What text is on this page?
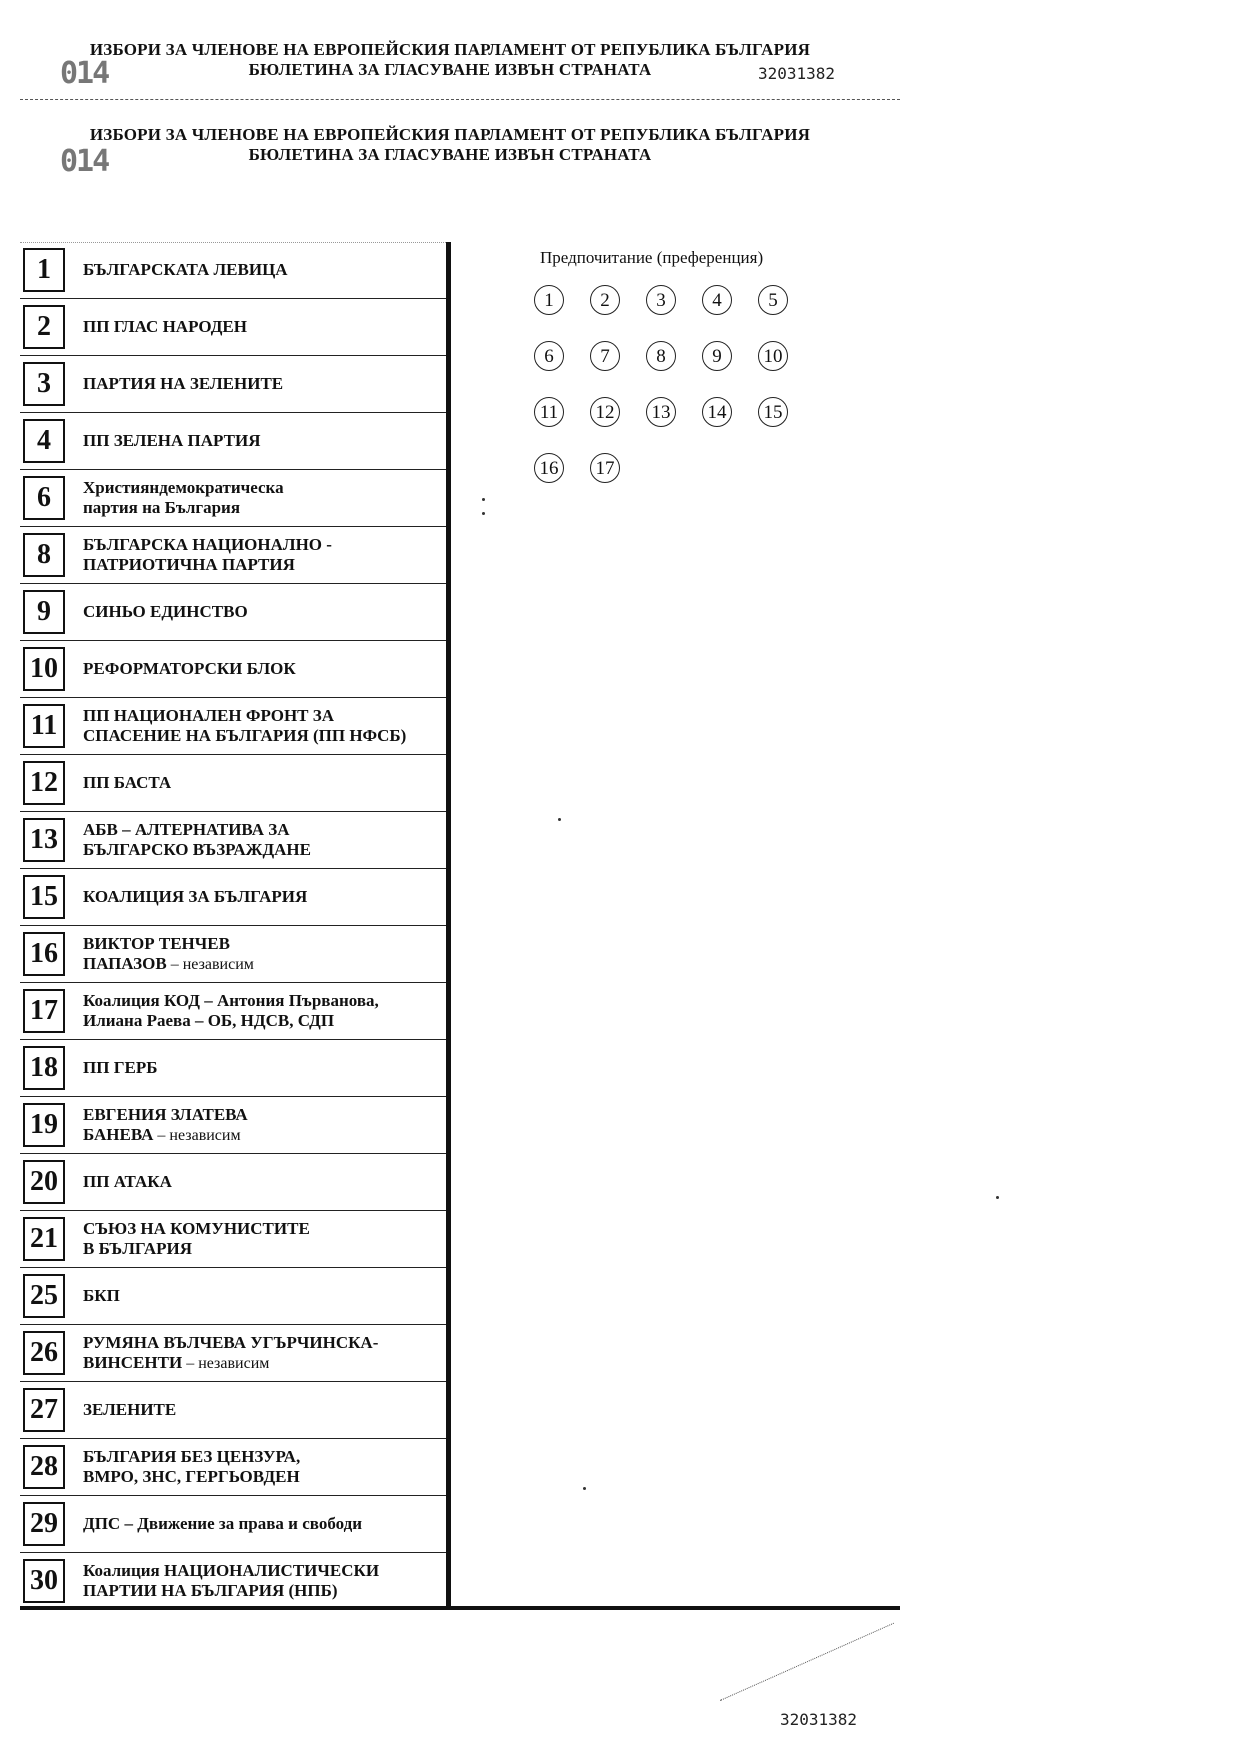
ИЗБОРИ ЗА ЧЛЕНОВЕ НА ЕВРОПЕЙСКИЯ ПАРЛАМЕНТ ОТ РЕПУБЛИКА БЪЛГАРИЯ
БЮЛЕТИНА ЗА ГЛАСУВАНЕ ИЗВЪН СТРАНАТА
014	32031382
ИЗБОРИ ЗА ЧЛЕНОВЕ НА ЕВРОПЕЙСКИЯ ПАРЛАМЕНТ ОТ РЕПУБЛИКА БЪЛГАРИЯ
БЮЛЕТИНА ЗА ГЛАСУВАНЕ ИЗВЪН СТРАНАТА
014
1	БЪЛГАРСКАТА ЛЕВИЦА
2	ПП ГЛАС НАРОДЕН
3	ПАРТИЯ НА ЗЕЛЕНИТЕ
4	ПП ЗЕЛЕНА ПАРТИЯ
6	Християндемократическа
партия на България
8	БЪЛГАРСКА НАЦИОНАЛНО -
ПАТРИОТИЧНА ПАРТИЯ
9	СИНЬО ЕДИНСТВО
10	РЕФОРМАТОРСКИ БЛОК
11	ПП НАЦИОНАЛЕН ФРОНТ ЗА
СПАСЕНИЕ НА БЪЛГАРИЯ (ПП НФСБ)
12	ПП БАСТА
13	АБВ – АЛТЕРНАТИВА ЗА
БЪЛГАРСКО ВЪЗРАЖДАНЕ
15	КОАЛИЦИЯ ЗА БЪЛГАРИЯ
16	ВИКТОР ТЕНЧЕВ
ПАПАЗОВ – независим
17	Коалиция КОД – Антония Първанова,
Илиана Раева – ОБ, НДСВ, СДП
18	ПП ГЕРБ
19	ЕВГЕНИЯ ЗЛАТЕВА
БАНЕВА – независим
20	ПП АТАКА
21	СЪЮЗ НА КОМУНИСТИТЕ
В БЪЛГАРИЯ
25	БКП
26	РУМЯНА ВЪЛЧЕВА УГЪРЧИНСКА-
ВИНСЕНТИ – независим
27	ЗЕЛЕНИТЕ
28	БЪЛГАРИЯ БЕЗ ЦЕНЗУРА,
ВМРО, ЗНС, ГЕРГЬОВДЕН
29	ДПС – Движение за права и свободи
30	Коалиция НАЦИОНАЛИСТИЧЕСКИ
ПАРТИИ НА БЪЛГАРИЯ (НПБ)
Предпочитание (преференция)
1	2	3	4	5
6	7	8	9	10
11	12 13 14 15
16 17
32031382
